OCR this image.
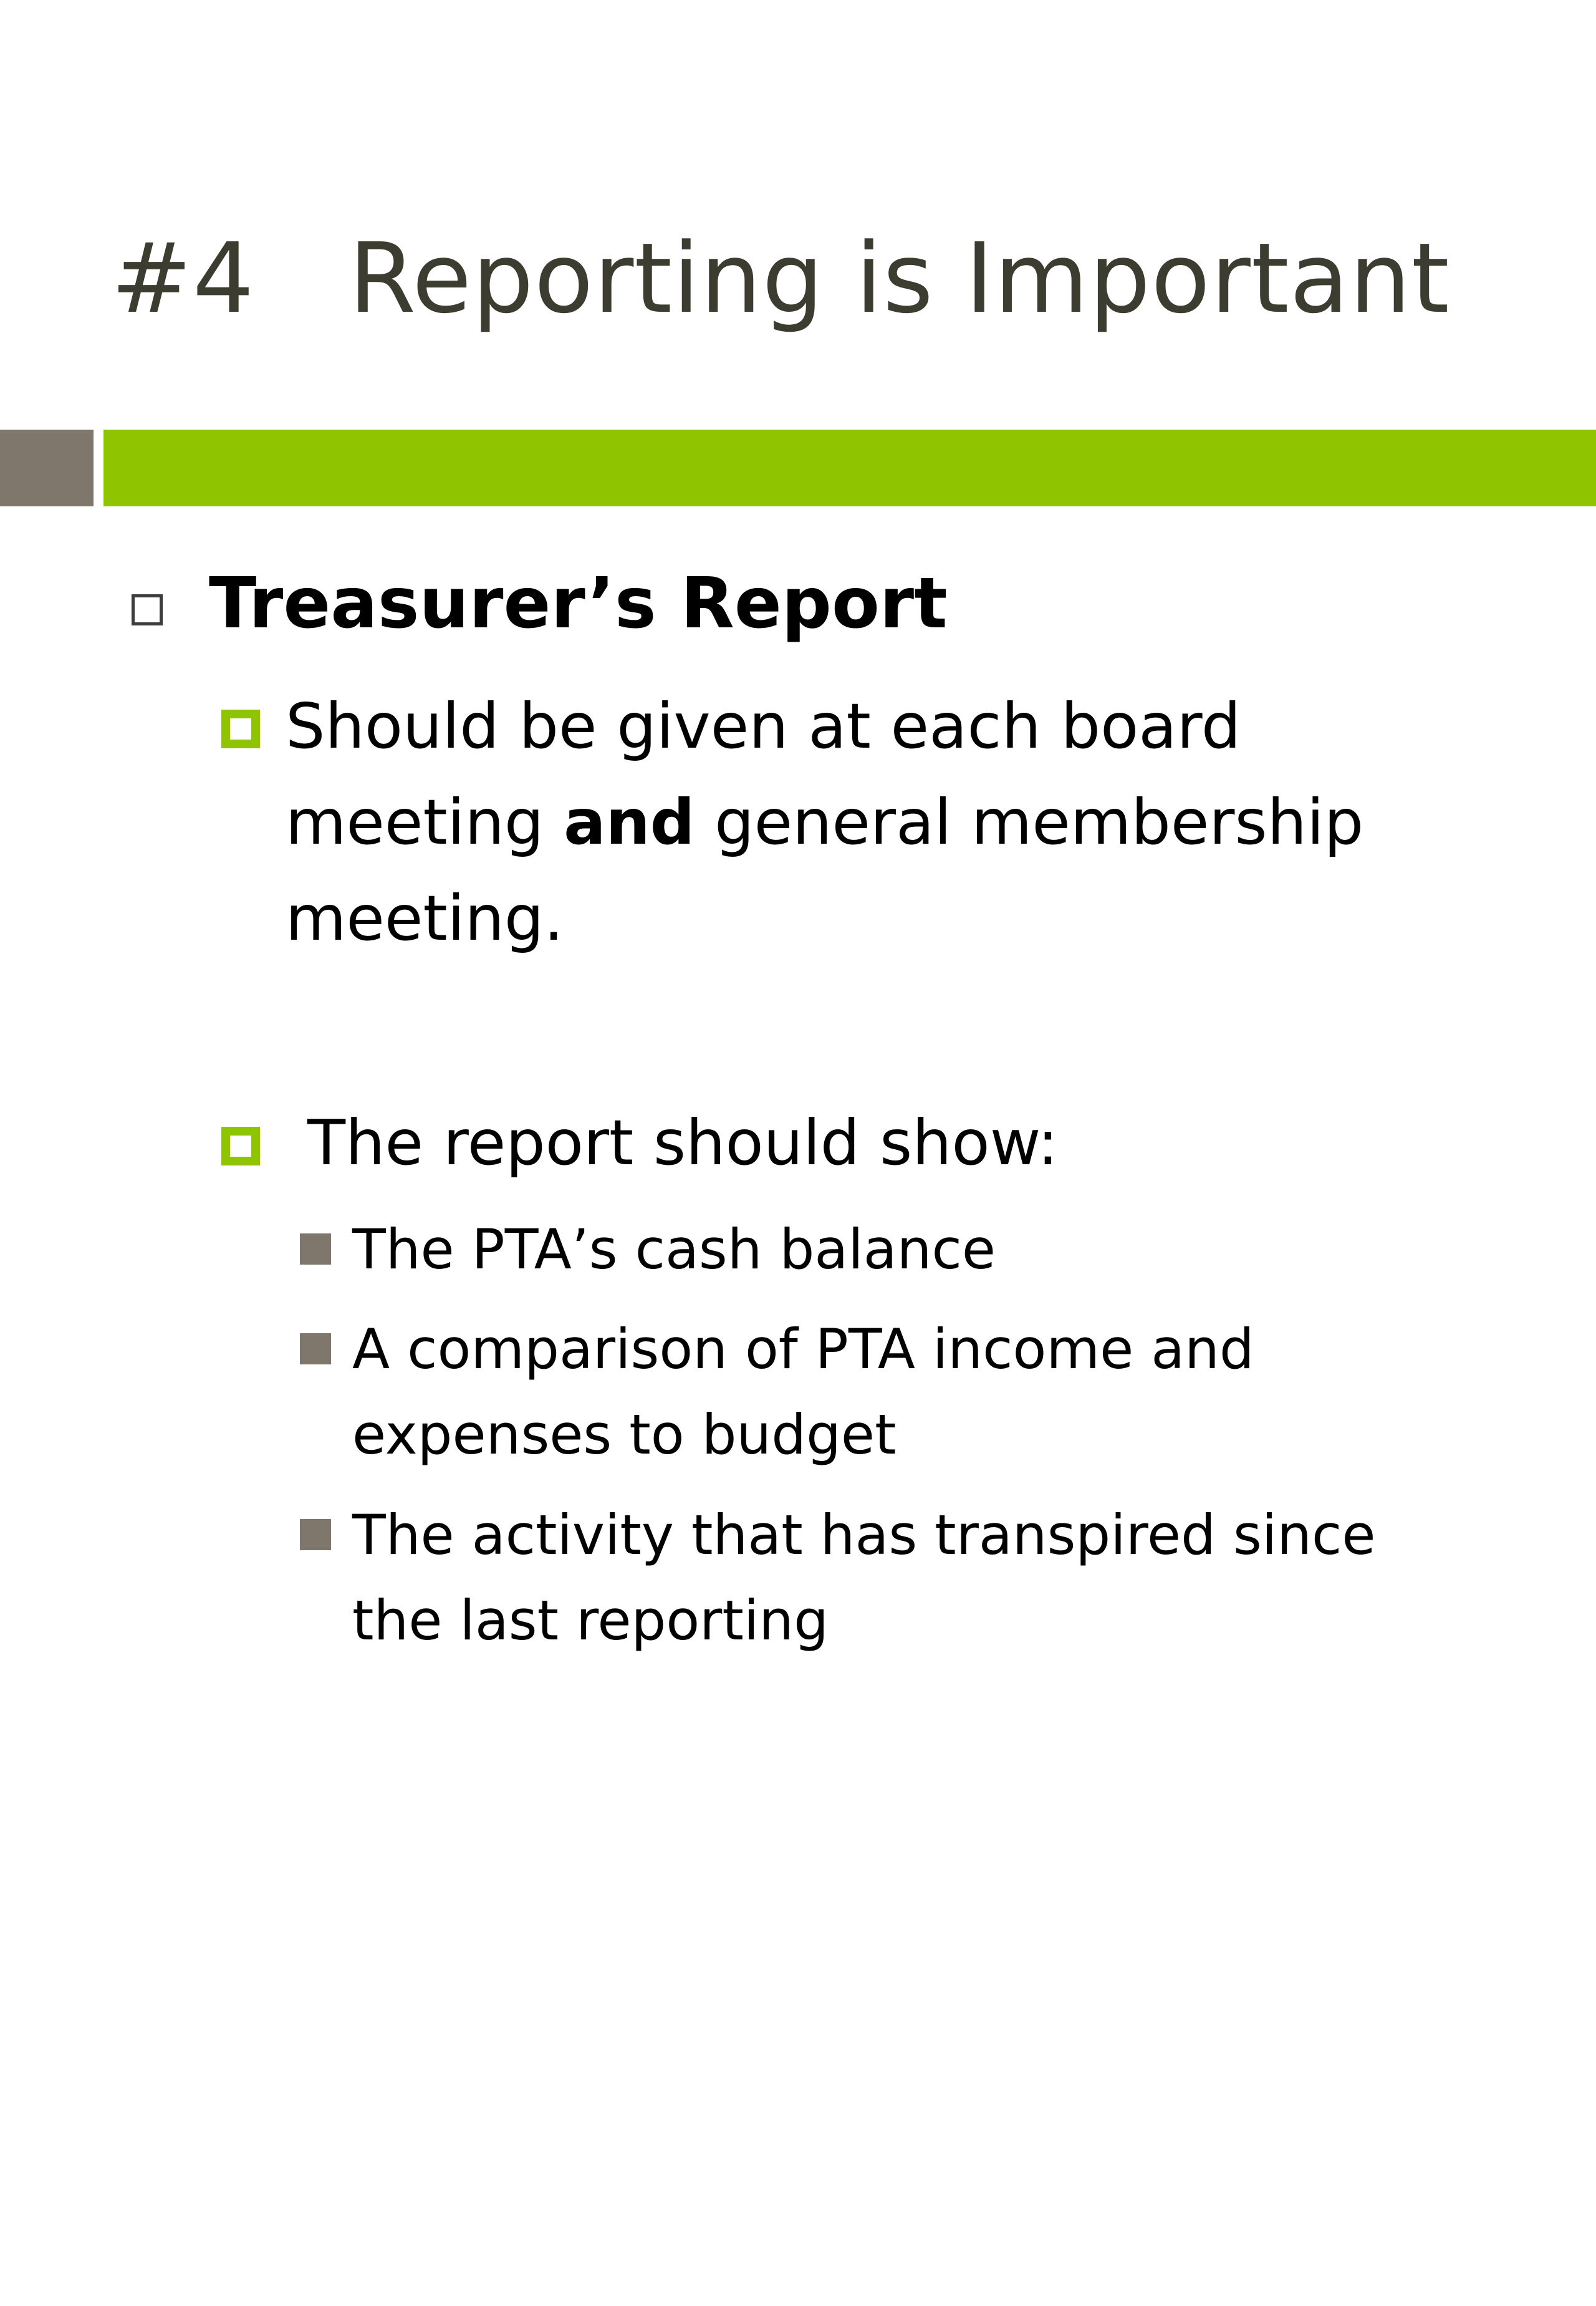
#4   Reporting is Important
Treasurer’s Report
Should be given at each board
meeting and general membership
meeting.
The report should show:
The PTA’s cash balance
A comparison of PTA income and
expenses to budget
The activity that has transpired since
the last reporting
